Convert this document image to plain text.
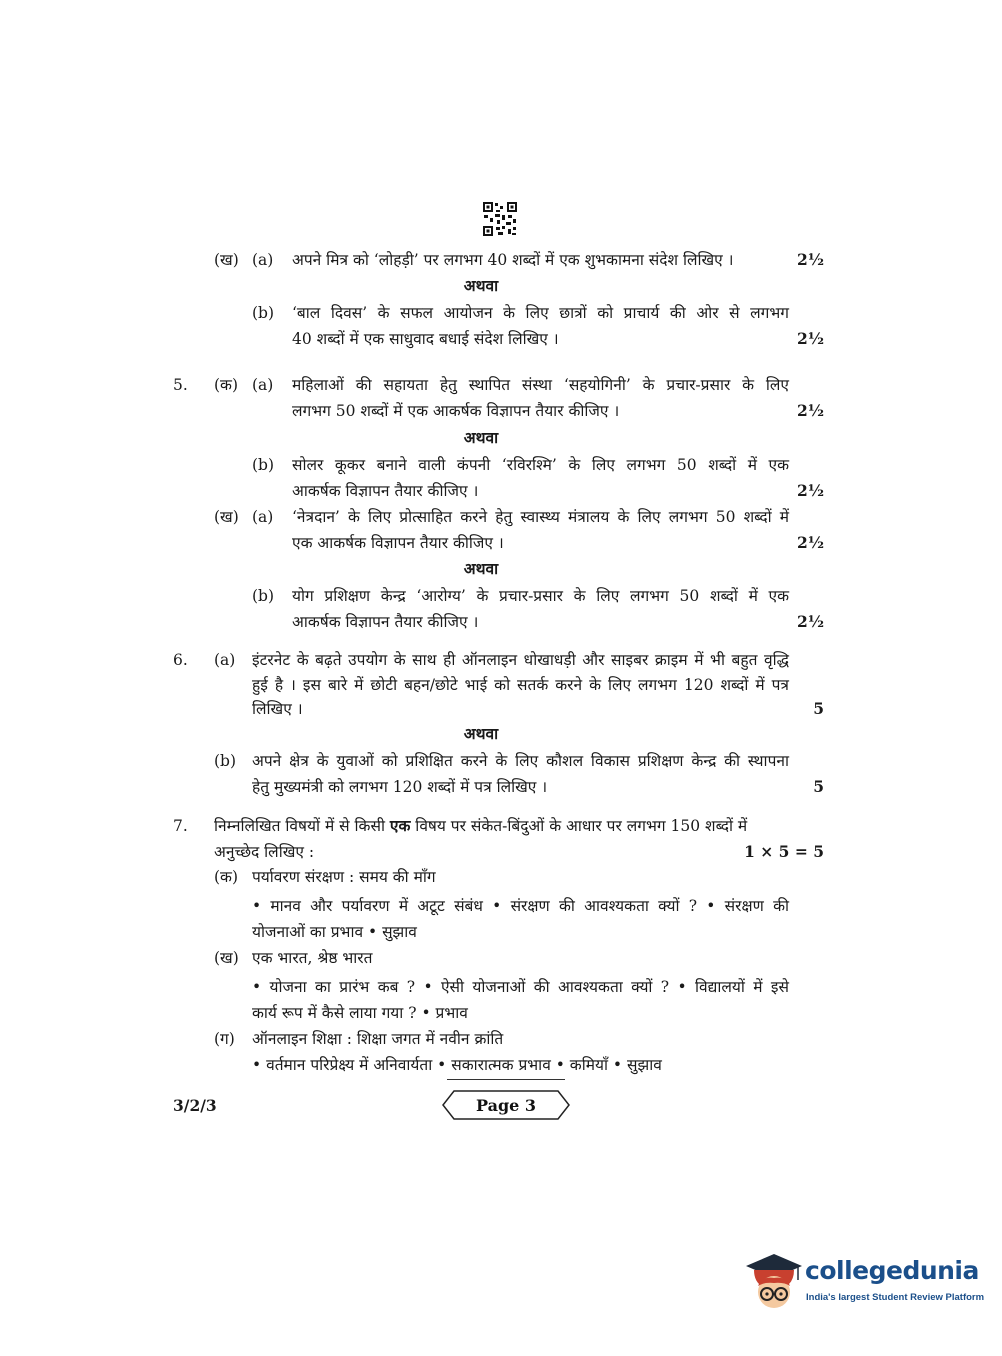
(ख) (a) अपने मित्र को ‘लोहड़ी’ पर लगभग 40 शब्दों में एक शुभकामना संदेश लिखिए ।	2½
अथवा
(b) ‘बाल दिवस’ के सफल आयोजन के लिए छात्रों को प्राचार्य की ओर से लगभग
40 शब्दों में एक साधुवाद बधाई संदेश लिखिए ।	2½
5. (क) (a) महिलाओं की सहायता हेतु स्थापित संस्था ‘सहयोगिनी’ के प्रचार-प्रसार के लिए
लगभग 50 शब्दों में एक आकर्षक विज्ञापन तैयार कीजिए ।	2½
अथवा
(b) सोलर कूकर बनाने वाली कंपनी ‘रविरश्मि’ के लिए लगभग 50 शब्दों में एक
आकर्षक विज्ञापन तैयार कीजिए ।	2½
(ख) (a) ‘नेत्रदान’ के लिए प्रोत्साहित करने हेतु स्वास्थ्य मंत्रालय के लिए लगभग 50 शब्दों में
एक आकर्षक विज्ञापन तैयार कीजिए ।	2½
अथवा
(b) योग प्रशिक्षण केन्द्र ‘आरोग्य’ के प्रचार-प्रसार के लिए लगभग 50 शब्दों में एक
आकर्षक विज्ञापन तैयार कीजिए ।	2½
6. (a) इंटरनेट के बढ़ते उपयोग के साथ ही ऑनलाइन धोखाधड़ी और साइबर क्राइम में भी बहुत वृद्धि
हुई है । इस बारे में छोटी बहन/छोटे भाई को सतर्क करने के लिए लगभग 120 शब्दों में पत्र
लिखिए ।	5
अथवा
(b) अपने क्षेत्र के युवाओं को प्रशिक्षित करने के लिए कौशल विकास प्रशिक्षण केन्द्र की स्थापना
हेतु मुख्यमंत्री को लगभग 120 शब्दों में पत्र लिखिए ।	5
7. निम्नलिखित विषयों में से किसी एक विषय पर संकेत-बिंदुओं के आधार पर लगभग 150 शब्दों में
अनुच्छेद लिखिए :	1 × 5 = 5
(क) पर्यावरण संरक्षण : समय की माँग
• मानव और पर्यावरण में अटूट संबंध • संरक्षण की आवश्यकता क्यों ? • संरक्षण की
योजनाओं का प्रभाव • सुझाव
(ख) एक भारत, श्रेष्ठ भारत
• योजना का प्रारंभ कब ? • ऐसी योजनाओं की आवश्यकता क्यों ? • विद्यालयों में इसे
कार्य रूप में कैसे लाया गया ? • प्रभाव
(ग) ऑनलाइन शिक्षा : शिक्षा जगत में नवीन क्रांति
• वर्तमान परिप्रेक्ष्य में अनिवार्यता • सकारात्मक प्रभाव • कमियाँ • सुझाव
3/2/3	Page 3
collegedunia
India's largest Student Review Platform
